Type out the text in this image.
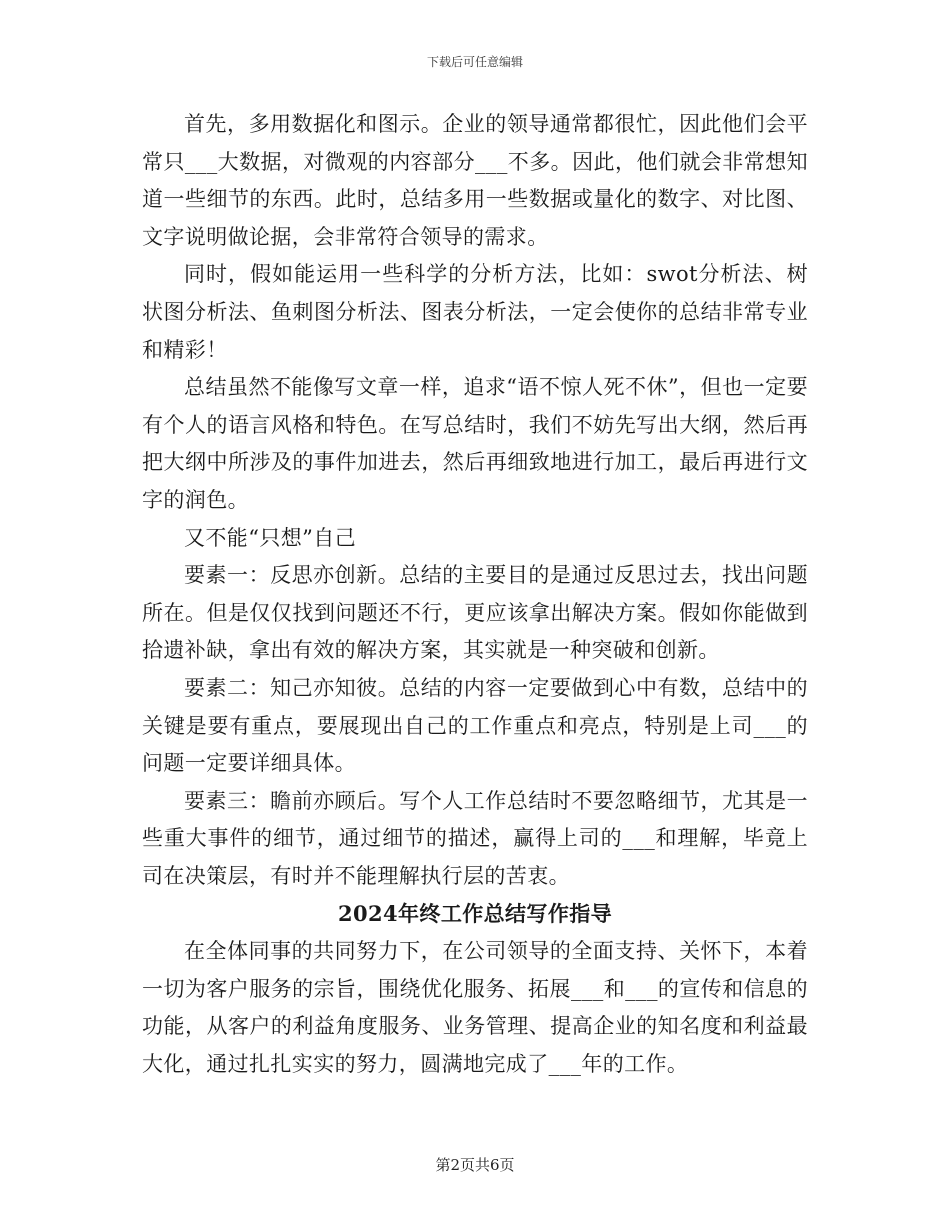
下载后可任意编辑

首先，多用数据化和图示。企业的领导通常都很忙，因此他们会平常只___大数据，对微观的内容部分___不多。因此，他们就会非常想知道一些细节的东西。此时，总结多用一些数据或量化的数字、对比图、文字说明做论据，会非常符合领导的需求。

同时，假如能运用一些科学的分析方法，比如：swot分析法、树状图分析法、鱼刺图分析法、图表分析法，一定会使你的总结非常专业和精彩！

总结虽然不能像写文章一样，追求“语不惊人死不休”，但也一定要有个人的语言风格和特色。在写总结时，我们不妨先写出大纲，然后再把大纲中所涉及的事件加进去，然后再细致地进行加工，最后再进行文字的润色。

又不能“只想”自己

要素一：反思亦创新。总结的主要目的是通过反思过去，找出问题所在。但是仅仅找到问题还不行，更应该拿出解决方案。假如你能做到拾遗补缺，拿出有效的解决方案，其实就是一种突破和创新。

要素二：知己亦知彼。总结的内容一定要做到心中有数，总结中的关键是要有重点，要展现出自己的工作重点和亮点，特别是上司___的问题一定要详细具体。

要素三：瞻前亦顾后。写个人工作总结时不要忽略细节，尤其是一些重大事件的细节，通过细节的描述，赢得上司的___和理解，毕竟上司在决策层，有时并不能理解执行层的苦衷。

2024年终工作总结写作指导

在全体同事的共同努力下，在公司领导的全面支持、关怀下，本着一切为客户服务的宗旨，围绕优化服务、拓展___和___的宣传和信息的功能，从客户的利益角度服务、业务管理、提高企业的知名度和利益最大化，通过扎扎实实的努力，圆满地完成了___年的工作。

第2页共6页
